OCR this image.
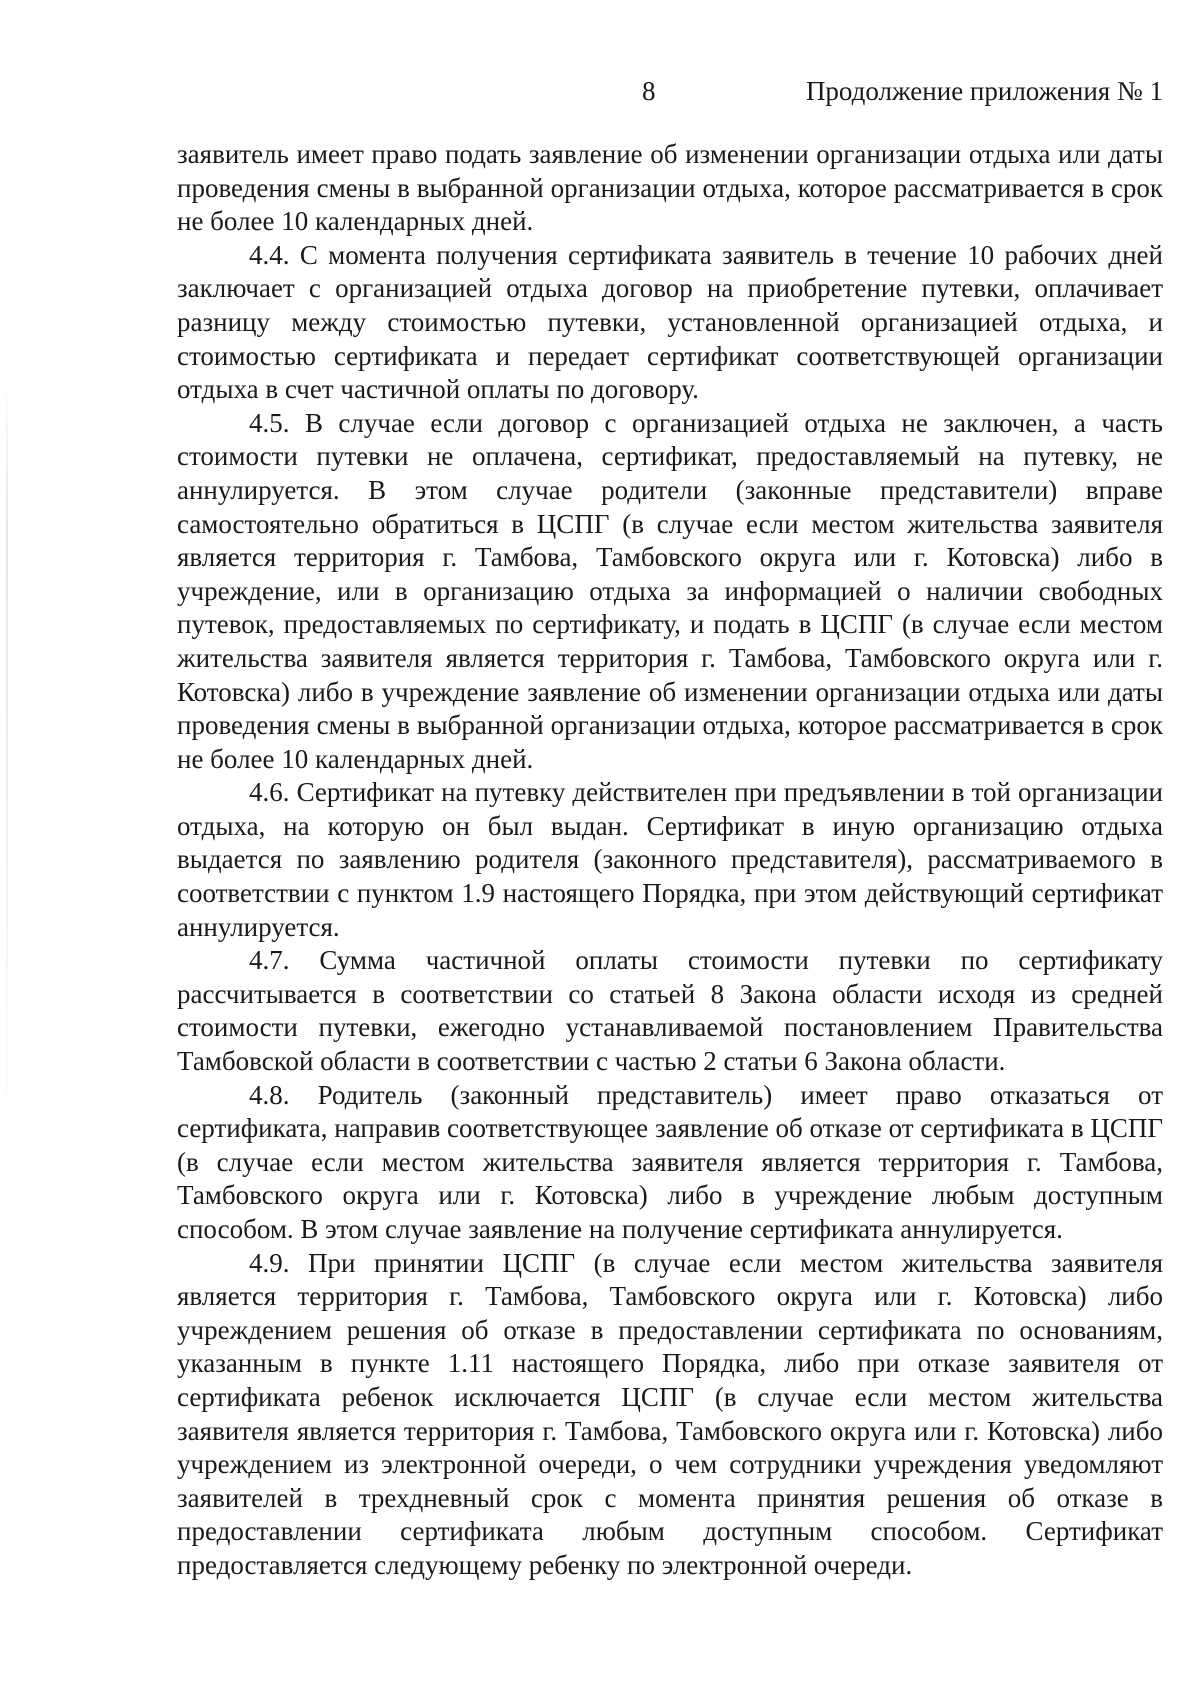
8	Продолжение приложения № 1

заявитель имеет право подать заявление об изменении организации отдыха или даты проведения смены в выбранной организации отдыха, которое рассматривается в срок не более 10 календарных дней.

4.4. С момента получения сертификата заявитель в течение 10 рабочих дней заключает с организацией отдыха договор на приобретение путевки, оплачивает разницу между стоимостью путевки, установленной организацией отдыха, и стоимостью сертификата и передает сертификат соответствующей организации отдыха в счет частичной оплаты по договору.

4.5. В случае если договор с организацией отдыха не заключен, а часть стоимости путевки не оплачена, сертификат, предоставляемый на путевку, не аннулируется. В этом случае родители (законные представители) вправе самостоятельно обратиться в ЦСПГ (в случае если местом жительства заявителя является территория г. Тамбова, Тамбовского округа или г. Котовска) либо в учреждение, или в организацию отдыха за информацией о наличии свободных путевок, предоставляемых по сертификату, и подать в ЦСПГ (в случае если местом жительства заявителя является территория г. Тамбова, Тамбовского округа или г. Котовска) либо в учреждение заявление об изменении организации отдыха или даты проведения смены в выбранной организации отдыха, которое рассматривается в срок не более 10 календарных дней.

4.6. Сертификат на путевку действителен при предъявлении в той организации отдыха, на которую он был выдан. Сертификат в иную организацию отдыха выдается по заявлению родителя (законного представителя), рассматриваемого в соответствии с пунктом 1.9 настоящего Порядка, при этом действующий сертификат аннулируется.

4.7. Сумма частичной оплаты стоимости путевки по сертификату рассчитывается в соответствии со статьей 8 Закона области исходя из средней стоимости путевки, ежегодно устанавливаемой постановлением Правительства Тамбовской области в соответствии с частью 2 статьи 6 Закона области.

4.8. Родитель (законный представитель) имеет право отказаться от сертификата, направив соответствующее заявление об отказе от сертификата в ЦСПГ (в случае если местом жительства заявителя является территория г. Тамбова, Тамбовского округа или г. Котовска) либо в учреждение любым доступным способом. В этом случае заявление на получение сертификата аннулируется.

4.9. При принятии ЦСПГ (в случае если местом жительства заявителя является территория г. Тамбова, Тамбовского округа или г. Котовска) либо учреждением решения об отказе в предоставлении сертификата по основаниям, указанным в пункте 1.11 настоящего Порядка, либо при отказе заявителя от сертификата ребенок исключается ЦСПГ (в случае если местом жительства заявителя является территория г. Тамбова, Тамбовского округа или г. Котовска) либо учреждением из электронной очереди, о чем сотрудники учреждения уведомляют заявителей в трехдневный срок с момента принятия решения об отказе в предоставлении сертификата любым доступным способом. Сертификат предоставляется следующему ребенку по электронной очереди.
